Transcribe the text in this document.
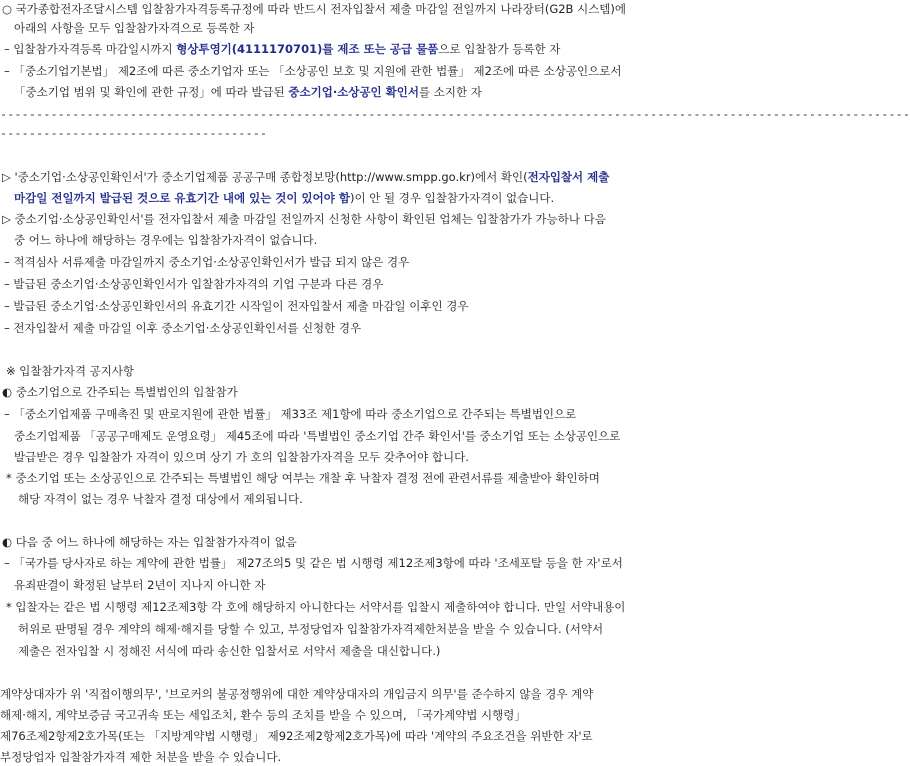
○ 국가종합전자조달시스템 입찰참가자격등록규정에 따라 반드시 전자입찰서 제출 마감일 전일까지 나라장터(G2B 시스템)에
아래의 사항을 모두 입찰참가자격으로 등록한 자
– 입찰참가자격등록 마감일시까지 형상투영기(4111170701)를 제조 또는 공급 물품으로 입찰참가 등록한 자
– 「중소기업기본법」 제2조에 따른 중소기업자 또는 「소상공인 보호 및 지원에 관한 법률」 제2조에 따른 소상공인으로서
「중소기업 범위 및 확인에 관한 규정」에 따라 발급된 중소기업·소상공인 확인서를 소지한 자
------------------------------------------------------------------------------------------------------------------------------
-------------------------------------
▷ '중소기업·소상공인확인서'가 중소기업제품 공공구매 종합정보망(http://www.smpp.go.kr)에서 확인(전자입찰서 제출
마감일 전일까지 발급된 것으로 유효기간 내에 있는 것이 있어야 함)이 안 될 경우 입찰참가자격이 없습니다.
▷ 중소기업·소상공인확인서'를 전자입찰서 제출 마감일 전일까지 신청한 사항이 확인된 업체는 입찰참가가 가능하나 다음
중 어느 하나에 해당하는 경우에는 입찰참가자격이 없습니다.
– 적격심사 서류제출 마감일까지 중소기업·소상공인확인서가 발급 되지 않은 경우
– 발급된 중소기업·소상공인확인서가 입찰참가자격의 기업 구분과 다른 경우
– 발급된 중소기업·소상공인확인서의 유효기간 시작일이 전자입찰서 제출 마감일 이후인 경우
– 전자입찰서 제출 마감일 이후 중소기업·소상공인확인서를 신청한 경우
※ 입찰참가자격 공지사항
◐ 중소기업으로 간주되는 특별법인의 입찰참가
– 「중소기업제품 구매촉진 및 판로지원에 관한 법률」 제33조 제1항에 따라 중소기업으로 간주되는 특별법인으로
중소기업제품 「공공구매제도 운영요령」 제45조에 따라 '특별법인 중소기업 간주 확인서'를 중소기업 또는 소상공인으로
발급받은 경우 입찰참가 자격이 있으며 상기 가 호의 입찰참가자격을 모두 갖추어야 합니다.
* 중소기업 또는 소상공인으로 간주되는 특별법인 해당 여부는 개찰 후 낙찰자 결정 전에 관련서류를 제출받아 확인하며
해당 자격이 없는 경우 낙찰자 결정 대상에서 제외됩니다.
◐ 다음 중 어느 하나에 해당하는 자는 입찰참가자격이 없음
– 「국가를 당사자로 하는 계약에 관한 법률」 제27조의5 및 같은 법 시행령 제12조제3항에 따라 '조세포탈 등을 한 자'로서
유죄판결이 확정된 날부터 2년이 지나지 아니한 자
* 입찰자는 같은 법 시행령 제12조제3항 각 호에 해당하지 아니한다는 서약서를 입찰시 제출하여야 합니다. 만일 서약내용이
허위로 판명될 경우 계약의 해제·해지를 당할 수 있고, 부정당업자 입찰참가자격제한처분을 받을 수 있습니다. (서약서
제출은 전자입찰 시 정해진 서식에 따라 송신한 입찰서로 서약서 제출을 대신합니다.)
계약상대자가 위 '직접이행의무', '브로커의 불공정행위에 대한 계약상대자의 개입금지 의무'를 준수하지 않을 경우 계약
해제·해지, 계약보증금 국고귀속 또는 세입조치, 환수 등의 조치를 받을 수 있으며, 「국가계약법 시행령」
제76조제2항제2호가목(또는 「지방계약법 시행령」 제92조제2항제2호가목)에 따라 '계약의 주요조건을 위반한 자'로
부정당업자 입찰참가자격 제한 처분을 받을 수 있습니다.
